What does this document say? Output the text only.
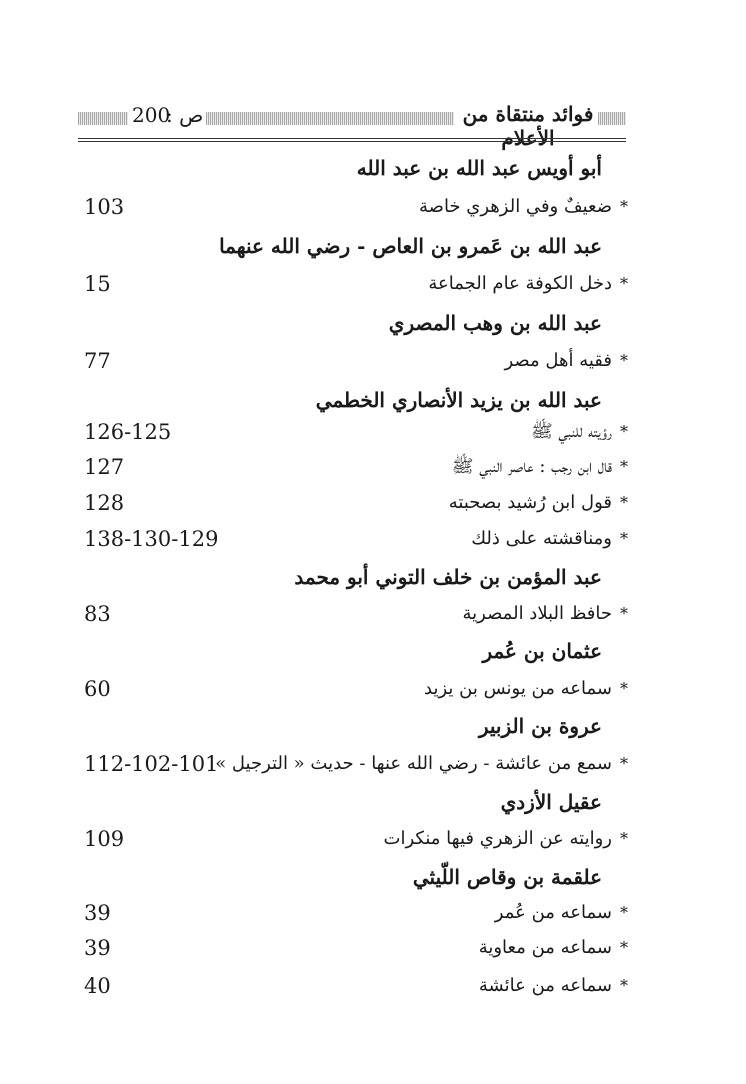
200
ص :	فوائد منتقاة من
أبو أويس عبد الله بن عبد الله
*ضعيفٌ وفي الزهري خاصة
103
عبد الله بن عَمرو بن العاص - رضي الله عنهما
*دخل الكوفة عام الجماعة
15
عبد الله بن وهب المصري
*فقيه أهل مصر
77
عبد الله بن يزيد الأنصاري الخطمي
*رؤيته للنبي ﷺ
126-125
*قال ابن رجب : عاصر النبي ﷺ
127
*قول ابن رُشيد بصحبته
128
*ومناقشته على ذلك
138-130-129
عبد المؤمن بن خلف التوني أبو محمد
*حافظ البلاد المصرية
83
عثمان بن عُمر
*سماعه من يونس بن يزيد
60
عروة بن الزبير
*سمع من عائشة - رضي الله عنها - حديث « الترجيل »
112-102-101
عقيل الأزدي
*روايته عن الزهري فيها منكرات
109
علقمة بن وقاص اللّيثي
*سماعه من عُمر
39
*سماعه من معاوية
39
*سماعه من عائشة
40
